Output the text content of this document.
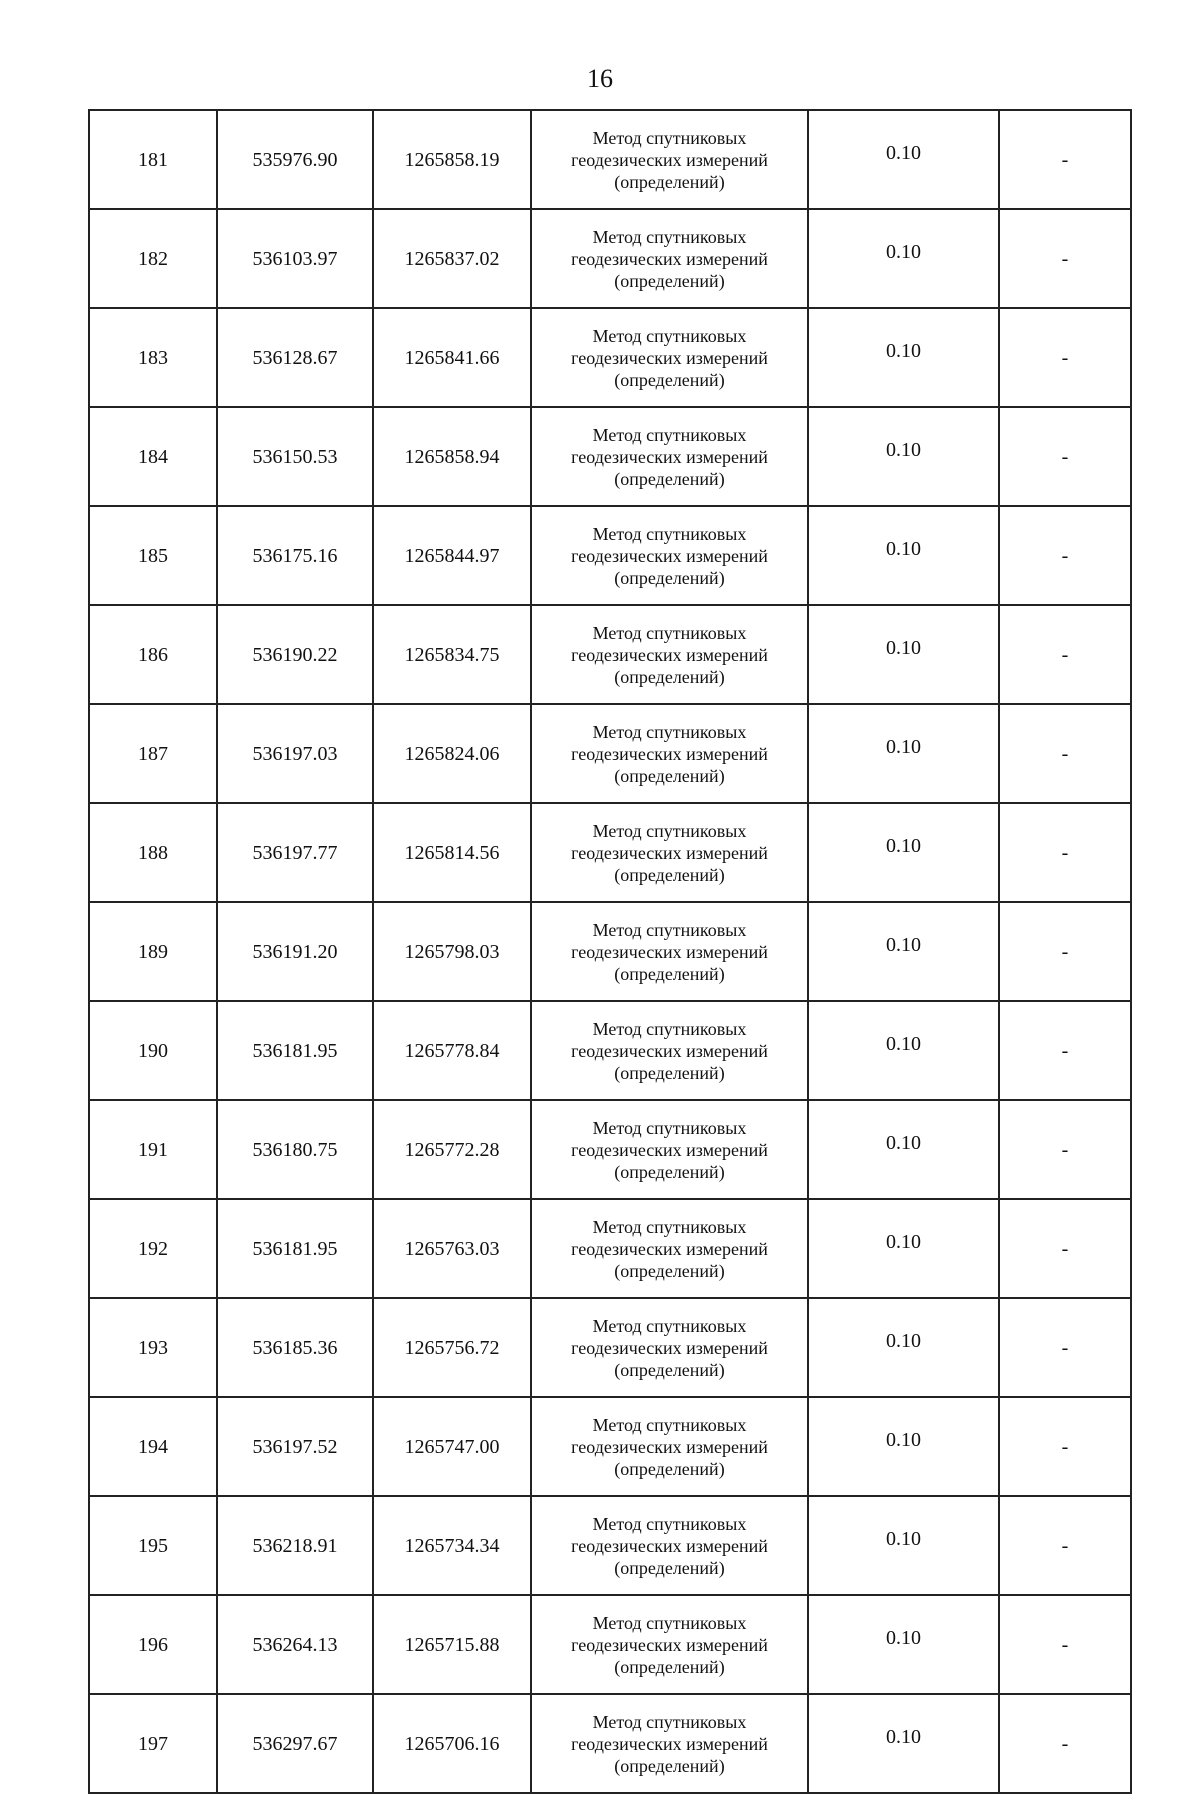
16
181	535976.90	1265858.19	Метод спутниковых
геодезических измерений
(определений)	0.10	-
182	536103.97	1265837.02	Метод спутниковых
геодезических измерений
(определений)	0.10	-
183	536128.67	1265841.66	Метод спутниковых
геодезических измерений
(определений)	0.10	-
184	536150.53	1265858.94	Метод спутниковых
геодезических измерений
(определений)	0.10	-
185	536175.16	1265844.97	Метод спутниковых
геодезических измерений
(определений)	0.10	-
186	536190.22	1265834.75	Метод спутниковых
геодезических измерений
(определений)	0.10	-
187	536197.03	1265824.06	Метод спутниковых
геодезических измерений
(определений)	0.10	-
188	536197.77	1265814.56	Метод спутниковых
геодезических измерений
(определений)	0.10	-
189	536191.20	1265798.03	Метод спутниковых
геодезических измерений
(определений)	0.10	-
190	536181.95	1265778.84	Метод спутниковых
геодезических измерений
(определений)	0.10	-
191	536180.75	1265772.28	Метод спутниковых
геодезических измерений
(определений)	0.10	-
192	536181.95	1265763.03	Метод спутниковых
геодезических измерений
(определений)	0.10	-
193	536185.36	1265756.72	Метод спутниковых
геодезических измерений
(определений)	0.10	-
194	536197.52	1265747.00	Метод спутниковых
геодезических измерений
(определений)	0.10	-
195	536218.91	1265734.34	Метод спутниковых
геодезических измерений
(определений)	0.10	-
196	536264.13	1265715.88	Метод спутниковых
геодезических измерений
(определений)	0.10	-
197	536297.67	1265706.16	Метод спутниковых
геодезических измерений
(определений)	0.10	-
